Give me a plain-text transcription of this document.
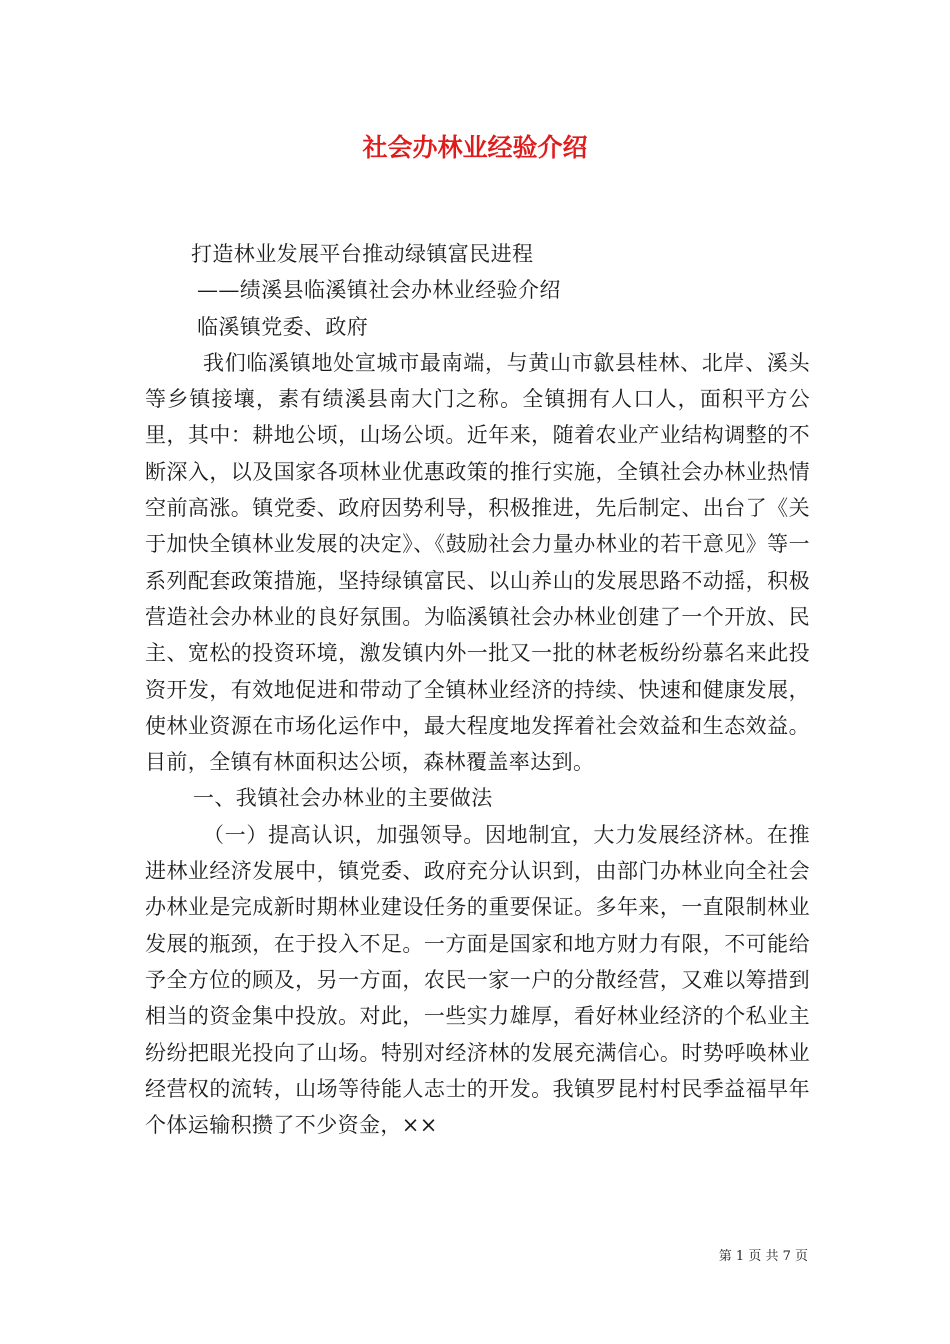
社会办林业经验介绍

打造林业发展平台推动绿镇富民进程

——绩溪县临溪镇社会办林业经验介绍

临溪镇党委、政府

我们临溪镇地处宣城市最南端，与黄山市歙县桂林、北岸、溪头等乡镇接壤，素有绩溪县南大门之称。全镇拥有人口人，面积平方公里，其中：耕地公顷，山场公顷。近年来，随着农业产业结构调整的不断深入，以及国家各项林业优惠政策的推行实施，全镇社会办林业热情空前高涨。镇党委、政府因势利导，积极推进，先后制定、出台了《关于加快全镇林业发展的决定》、《鼓励社会力量办林业的若干意见》等一系列配套政策措施，坚持绿镇富民、以山养山的发展思路不动摇，积极营造社会办林业的良好氛围。为临溪镇社会办林业创建了一个开放、民主、宽松的投资环境，激发镇内外一批又一批的林老板纷纷慕名来此投资开发，有效地促进和带动了全镇林业经济的持续、快速和健康发展，使林业资源在市场化运作中，最大程度地发挥着社会效益和生态效益。目前，全镇有林面积达公顷，森林覆盖率达到。

一、我镇社会办林业的主要做法

（一）提高认识，加强领导。因地制宜，大力发展经济林。在推进林业经济发展中，镇党委、政府充分认识到，由部门办林业向全社会办林业是完成新时期林业建设任务的重要保证。多年来，一直限制林业发展的瓶颈，在于投入不足。一方面是国家和地方财力有限，不可能给予全方位的顾及，另一方面，农民一家一户的分散经营，又难以筹措到相当的资金集中投放。对此，一些实力雄厚，看好林业经济的个私业主纷纷把眼光投向了山场。特别对经济林的发展充满信心。时势呼唤林业经营权的流转，山场等待能人志士的开发。我镇罗昆村村民季益福早年个体运输积攒了不少资金，××

第 1 页 共 7 页
